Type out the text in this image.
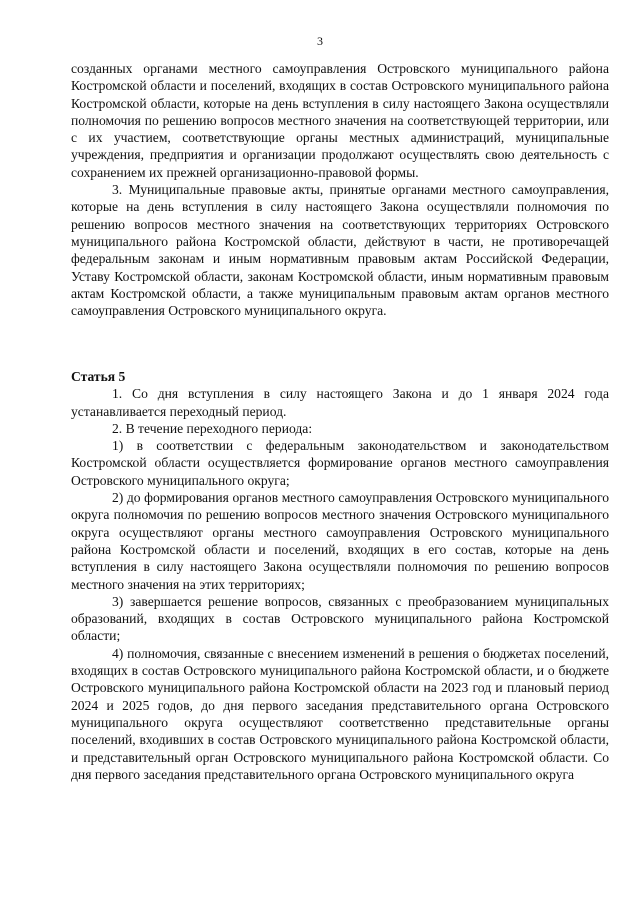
3

созданных органами местного самоуправления Островского муниципального района Костромской области и поселений, входящих в состав Островского муниципального района Костромской области, которые на день вступления в силу настоящего Закона осуществляли полномочия по решению вопросов местного значения на соответствующей территории, или с их участием, соответствующие органы местных администраций, муниципальные учреждения, предприятия и организации продолжают осуществлять свою деятельность с сохранением их прежней организационно-правовой формы.

3. Муниципальные правовые акты, принятые органами местного самоуправления, которые на день вступления в силу настоящего Закона осуществляли полномочия по решению вопросов местного значения на соответствующих территориях Островского муниципального района Костромской области, действуют в части, не противоречащей федеральным законам и иным нормативным правовым актам Российской Федерации, Уставу Костромской области, законам Костромской области, иным нормативным правовым актам Костромской области, а также муниципальным правовым актам органов местного самоуправления Островского муниципального округа.

Статья 5

1. Со дня вступления в силу настоящего Закона и до 1 января 2024 года устанавливается переходный период.

2. В течение переходного периода:

1) в соответствии с федеральным законодательством и законодательством Костромской области осуществляется формирование органов местного самоуправления Островского муниципального округа;

2) до формирования органов местного самоуправления Островского муниципального округа полномочия по решению вопросов местного значения Островского муниципального округа осуществляют органы местного самоуправления Островского муниципального района Костромской области и поселений, входящих в его состав, которые на день вступления в силу настоящего Закона осуществляли полномочия по решению вопросов местного значения на этих территориях;

3) завершается решение вопросов, связанных с преобразованием муниципальных образований, входящих в состав Островского муниципального района Костромской области;

4) полномочия, связанные с внесением изменений в решения о бюджетах поселений, входящих в состав Островского муниципального района Костромской области, и о бюджете Островского муниципального района Костромской области на 2023 год и плановый период 2024 и 2025 годов, до дня первого заседания представительного органа Островского муниципального округа осуществляют соответственно представительные органы поселений, входивших в состав Островского муниципального района Костромской области, и представительный орган Островского муниципального района Костромской области. Со дня первого заседания представительного органа Островского муниципального округа
